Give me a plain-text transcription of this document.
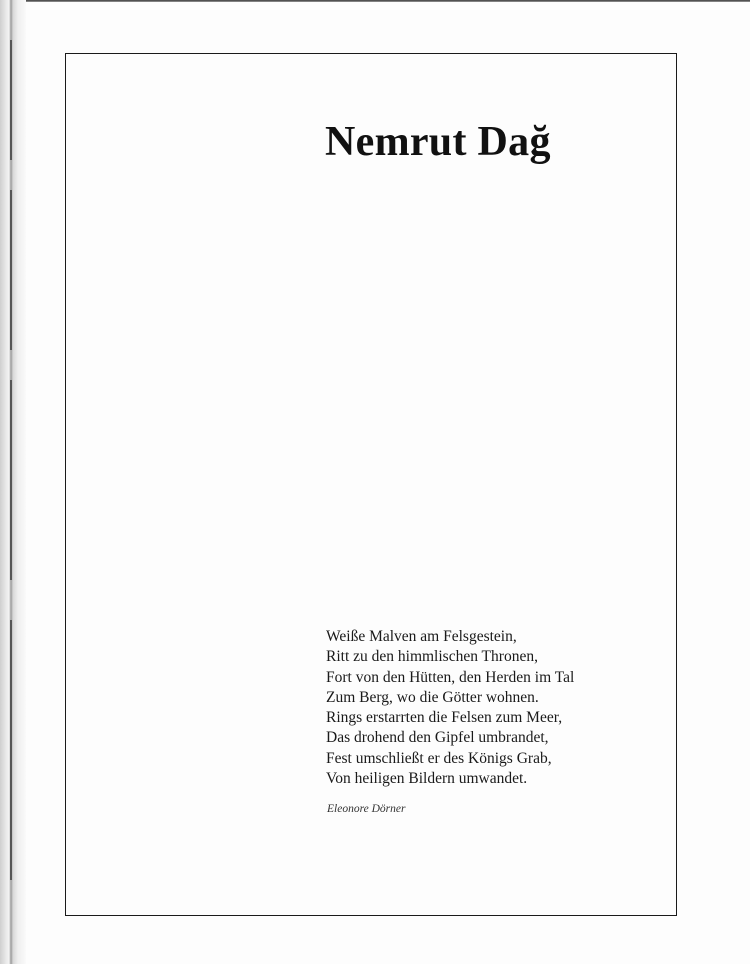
Nemrut Dağ
Weiße Malven am Felsgestein,
Ritt zu den himmlischen Thronen,
Fort von den Hütten, den Herden im Tal
Zum Berg, wo die Götter wohnen.
Rings erstarrten die Felsen zum Meer,
Das drohend den Gipfel umbrandet,
Fest umschließt er des Königs Grab,
Von heiligen Bildern umwandet.
Eleonore Dörner
